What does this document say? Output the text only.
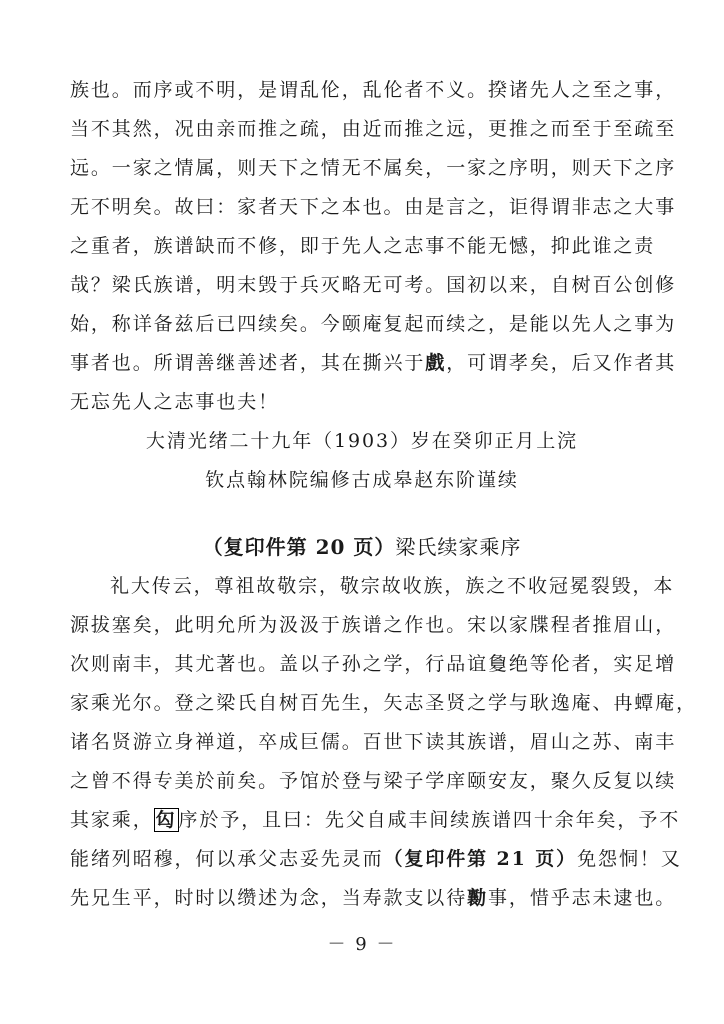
族也。而序或不明，是谓乱伦，乱伦者不义。揆诸先人之至之事，
当不其然，况由亲而推之疏，由近而推之远，更推之而至于至疏至
远。一家之情属，则天下之情无不属矣，一家之序明，则天下之序
无不明矣。故曰：家者天下之本也。由是言之，讵得谓非志之大事
之重者，族谱缺而不修，即于先人之志事不能无憾，抑此谁之责
哉？梁氏族谱，明末毁于兵灭略无可考。国初以来，自树百公创修
始，称详备兹后已四续矣。今颐庵复起而续之，是能以先人之事为
事者也。所谓善继善述者，其在撕兴于戲，可谓孝矣，后又作者其
无忘先人之志事也夫！
大清光绪二十九年（1903）岁在癸卯正月上浣
钦点翰林院编修古成皋赵东阶谨续
（复印件第 20 页）梁氏续家乘序
礼大传云，尊祖故敬宗，敬宗故收族，族之不收冠冕裂毁，本
源拔塞矣，此明允所为汲汲于族谱之作也。宋以家牒程者推眉山，
次则南丰，其尤著也。盖以子孙之学，行品谊敻绝等伦者，实足增
家乘光尔。登之梁氏自树百先生，矢志圣贤之学与耿逸庵、冉蟫庵，
诸名贤游立身禅道，卒成巨儒。百世下读其族谱，眉山之苏、南丰
之曾不得专美於前矣。予馆於登与梁子学庠颐安友，聚久反复以续
其家乘， 匃 序於予，且曰：先父自咸丰间续族谱四十余年矣，予不
能绪列昭穆，何以承父志妥先灵而（复印件第 21 页）免怨恫！又
先兄生平，时时以缵述为念，当寿款支以待勷事，惜乎志未逮也。
－ 9 －
